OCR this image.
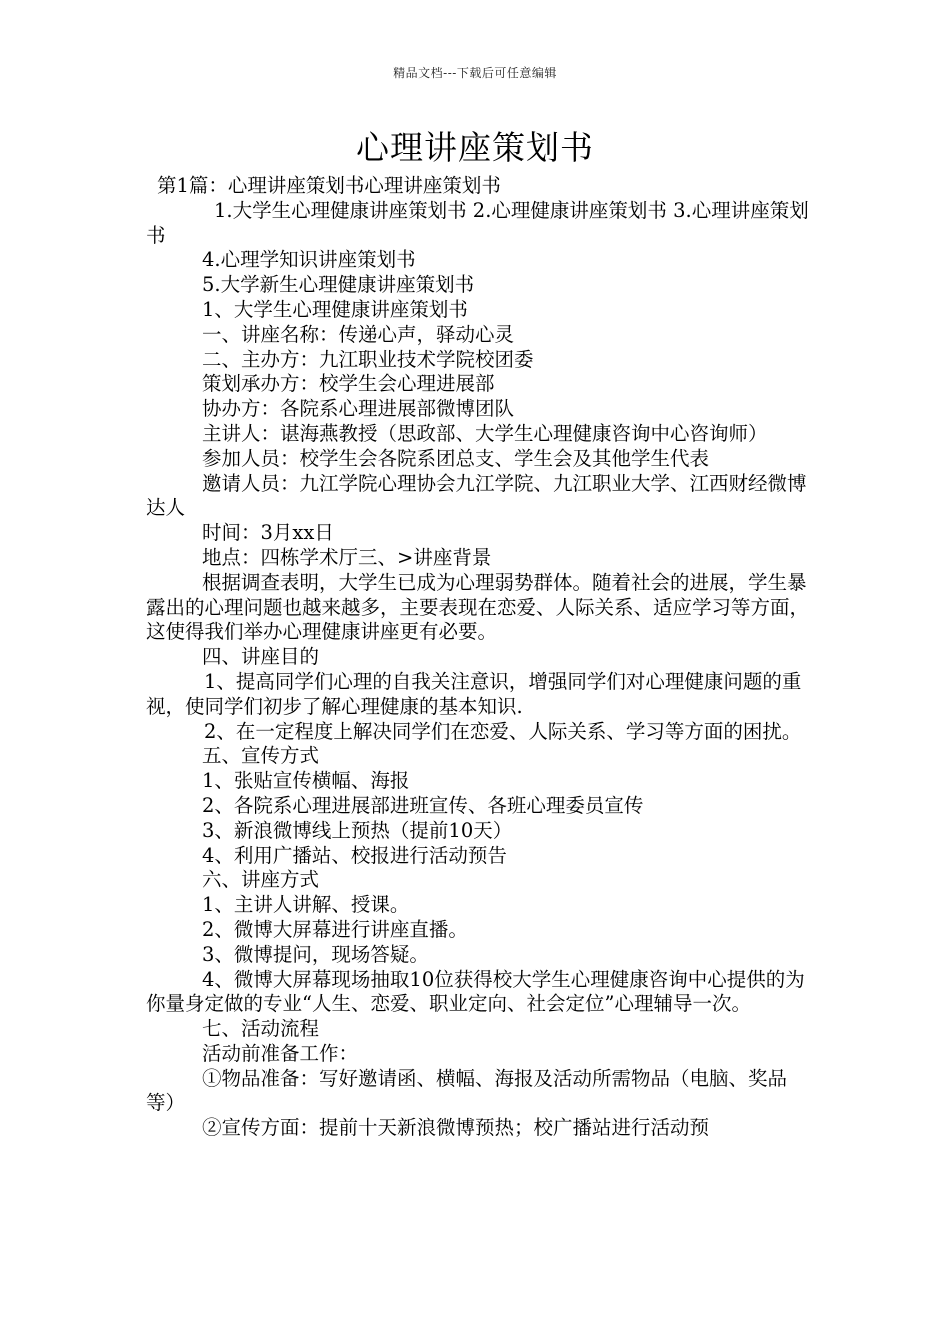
精品文档---下载后可任意编辑
心理讲座策划书

第1篇：心理讲座策划书心理讲座策划书

1.大学生心理健康讲座策划书 2.心理健康讲座策划书 3.心理讲座策划书

4.心理学知识讲座策划书

5.大学新生心理健康讲座策划书

1、大学生心理健康讲座策划书

一、讲座名称：传递心声，驿动心灵

二、主办方：九江职业技术学院校团委

策划承办方：校学生会心理进展部

协办方：各院系心理进展部微博团队

主讲人：谌海燕教授（思政部、大学生心理健康咨询中心咨询师）

参加人员：校学生会各院系团总支、学生会及其他学生代表

邀请人员：九江学院心理协会九江学院、九江职业大学、江西财经微博达人

时间：3月xx日

地点：四栋学术厅三、>讲座背景

根据调查表明，大学生已成为心理弱势群体。随着社会的进展，学生暴露出的心理问题也越来越多，主要表现在恋爱、人际关系、适应学习等方面，这使得我们举办心理健康讲座更有必要。

四、讲座目的

1、提高同学们心理的自我关注意识，增强同学们对心理健康问题的重视，使同学们初步了解心理健康的基本知识.

2、在一定程度上解决同学们在恋爱、人际关系、学习等方面的困扰。

五、宣传方式

1、张贴宣传横幅、海报

2、各院系心理进展部进班宣传、各班心理委员宣传

3、新浪微博线上预热（提前10天）

4、利用广播站、校报进行活动预告

六、讲座方式

1、主讲人讲解、授课。

2、微博大屏幕进行讲座直播。

3、微博提问，现场答疑。

4、微博大屏幕现场抽取10位获得校大学生心理健康咨询中心提供的为你量身定做的专业“人生、恋爱、职业定向、社会定位”心理辅导一次。

七、活动流程

活动前准备工作：

①物品准备：写好邀请函、横幅、海报及活动所需物品（电脑、奖品等）

②宣传方面：提前十天新浪微博预热；校广播站进行活动预
